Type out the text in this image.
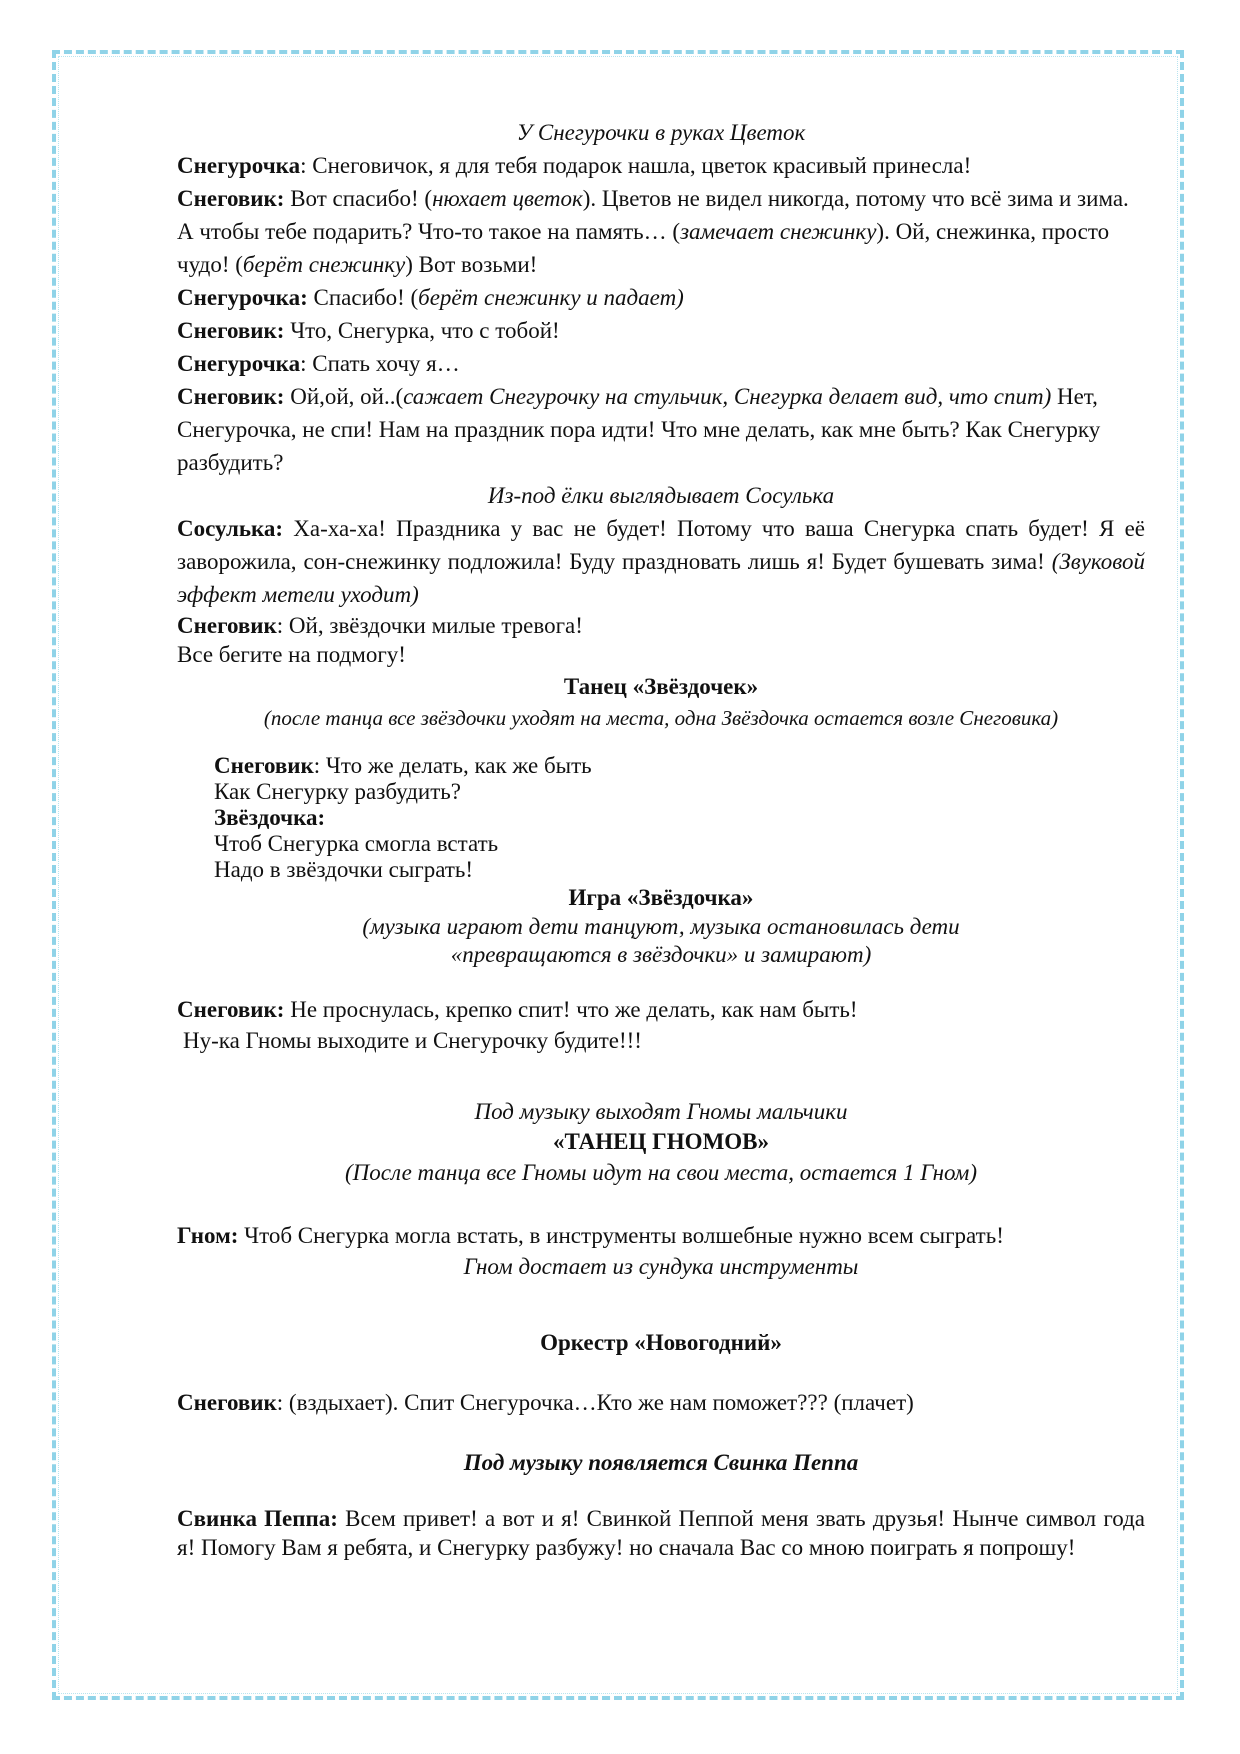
У Снегурочки в руках Цветок

Снегурочка: Снеговичок, я для тебя подарок нашла, цветок красивый принесла!

Снеговик: Вот спасибо! (нюхает цветок). Цветов не видел никогда, потому что всё зима и зима. А чтобы тебе подарить? Что-то такое на память… (замечает снежинку). Ой, снежинка, просто чудо! (берёт снежинку) Вот возьми!

Снегурочка: Спасибо! (берёт снежинку и падает)

Снеговик: Что, Снегурка, что с тобой!

Снегурочка: Спать хочу я…

Снеговик: Ой,ой, ой..(сажает Снегурочку на стульчик, Снегурка делает вид, что спит) Нет, Снегурочка, не спи! Нам на праздник пора идти! Что мне делать, как мне быть? Как Снегурку разбудить?

Из-под ёлки выглядывает Сосулька

Сосулька: Ха-ха-ха! Праздника у вас не будет! Потому что ваша Снегурка спать будет! Я её заворожила, сон-снежинку подложила! Буду праздновать лишь я! Будет бушевать зима! (Звуковой эффект метели уходит)

Снеговик: Ой, звёздочки милые тревога!

Все бегите на подмогу!

Танец «Звёздочек»

(после танца все звёздочки уходят на места, одна Звёздочка остается возле Снеговика)

Снеговик: Что же делать, как же быть

Как Снегурку разбудить?

Звёздочка:

Чтоб Снегурка смогла встать

Надо в звёздочки сыграть!

Игра «Звёздочка»

(музыка играют дети танцуют, музыка остановилась дети

«превращаются в звёздочки» и замирают)

Снеговик: Не проснулась, крепко спит! что же делать, как нам быть!

Ну-ка Гномы выходите и Снегурочку будите!!!

Под музыку выходят Гномы мальчики

«ТАНЕЦ ГНОМОВ»

(После танца все Гномы идут на свои места, остается 1 Гном)

Гном: Чтоб Снегурка могла встать, в инструменты волшебные нужно всем сыграть!

Гном достает из сундука инструменты

Оркестр «Новогодний»

Снеговик: (вздыхает). Спит Снегурочка…Кто же нам поможет??? (плачет)

Под музыку появляется Свинка Пеппа

Свинка Пеппа: Всем привет! а вот и я! Свинкой Пеппой меня звать друзья! Нынче символ года я! Помогу Вам я ребята, и Снегурку разбужу! но сначала Вас со мною поиграть я попрошу!
